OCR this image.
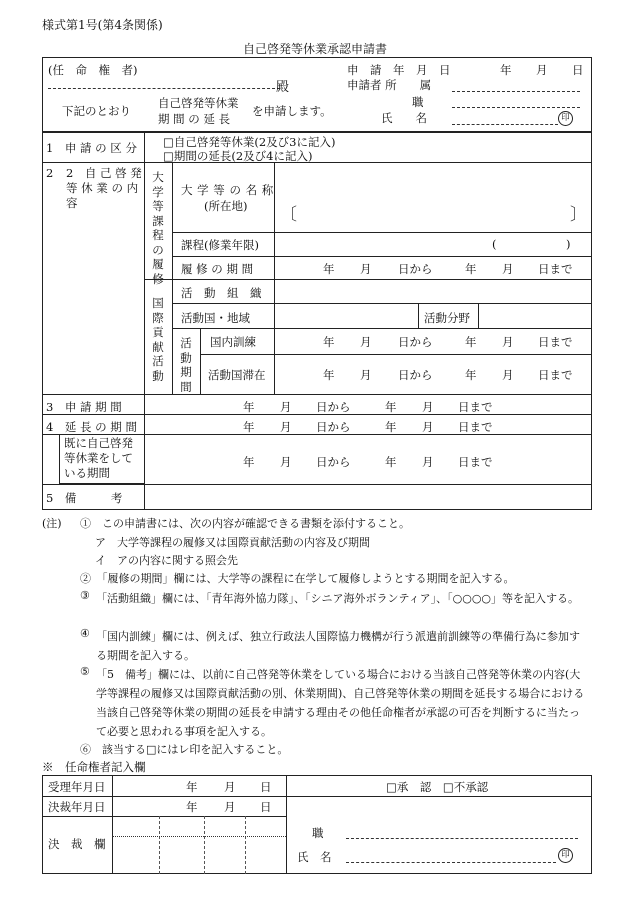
様式第1号(第4条関係)
自己啓発等休業承認申請書
(任　命　権　者)
殿
申　請　年　月　日	年 月 日
申請者 所　　属
職
氏　　名	印
下記のとおり
自己啓発等休業
期 間 の 延 長
を申請します。
1　申 請 の 区 分 □自己啓発等休業(2及び3に記入)
□期間の延長(2及び4に記入)
2　自 己 啓 発 等 休 業 の 内 容
2	大学等課程の履修
国際貢献活動
活動期間
大 学 等 の 名 称
(所在地) 〔	〕
課程(修業年限)	(	)
履 修 の 期 間	年 月 日から	年 月 日まで
活　動　組　織
活動国・地域	活動分野
国内訓練	年 月 日から	年 月 日まで
活動国滞在	年 月 日から	年 月 日まで
3　申 請 期 間	年 月 日から	年 月 日まで
4　延 長 の 期 間	年 月 日から	年 月 日まで
既に自己啓発等休業をしている期間
年 月 日から	年 月 日まで
5　備　　　考
(注) ①　この申請書には、次の内容が確認できる書類を添付すること。
ア　大学等課程の履修又は国際貢献活動の内容及び期間
イ　アの内容に関する照会先
②　「履修の期間」欄には、大学等の課程に在学して履修しようとする期間を記入する。
③ 「活動組織」欄には、「青年海外協力隊」、「シニア海外ボランティア」、「○○○○」等を記入する。
④ 「国内訓練」欄には、例えば、独立行政法人国際協力機構が行う派遣前訓練等の準備行為に参加する期間を記入する。
⑤ 「5　備考」欄には、以前に自己啓発等休業をしている場合における当該自己啓発等休業の内容(大学等課程の履修又は国際貢献活動の別、休業期間)、自己啓発等休業の期間を延長する場合における当該自己啓発等休業の期間の延長を申請する理由その他任命権者が承認の可否を判断するに当たって必要と思われる事項を記入する。
⑥　該当する□にはレ印を記入すること。
※　任命権者記入欄
受理年月日	年 月 日
決裁年月日	年 月 日
決　裁　欄
□承　認　□不承認
職
氏　名	印
